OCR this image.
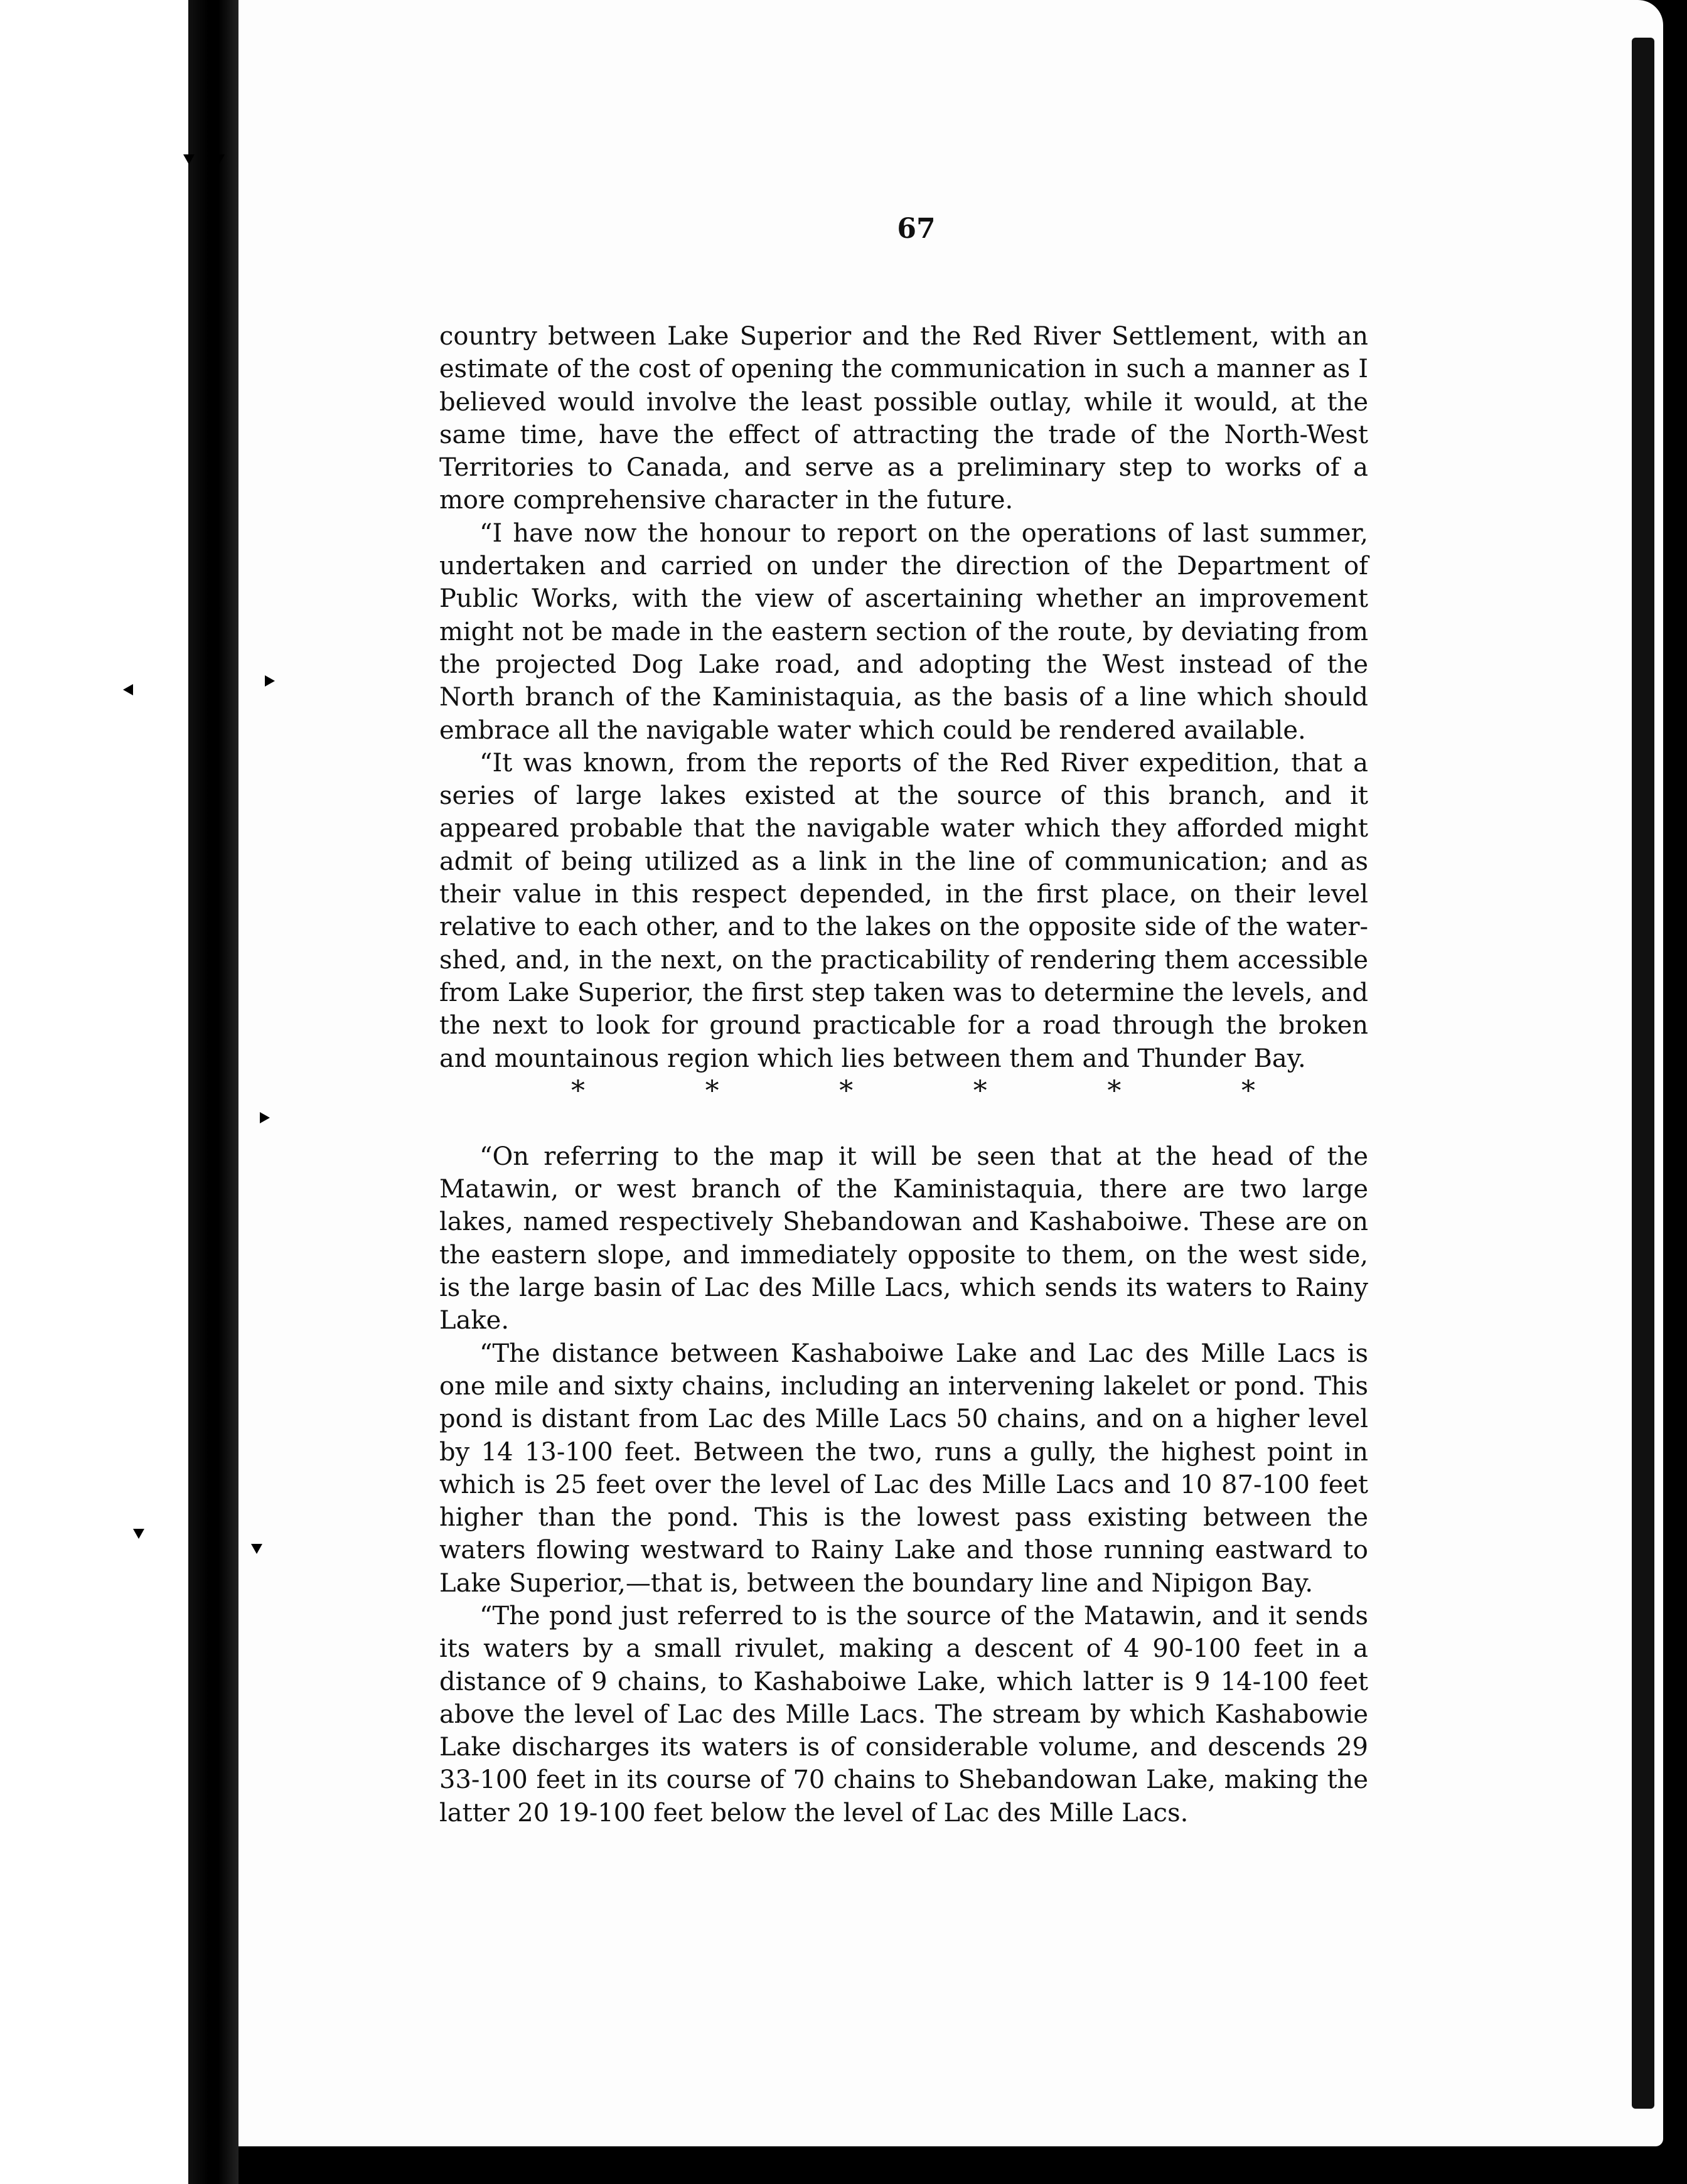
67

country between Lake Superior and the Red River Settlement, with an estimate of the cost of opening the communication in such a manner as I believed would involve the least possible outlay, while it would, at the same time, have the effect of attracting the trade of the North-West Territories to Canada, and serve as a preliminary step to works of a more comprehensive character in the future.

“I have now the honour to report on the operations of last summer, undertaken and carried on under the direction of the Department of Public Works, with the view of ascertaining whether an improvement might not be made in the eastern section of the route, by deviating from the projected Dog Lake road, and adopting the West instead of the North branch of the Kaministaquia, as the basis of a line which should embrace all the navigable water which could be rendered available.

“It was known, from the reports of the Red River expedition, that a series of large lakes existed at the source of this branch, and it appeared probable that the navigable water which they afforded might admit of being utilized as a link in the line of communication; and as their value in this respect depended, in the first place, on their level relative to each other, and to the lakes on the opposite side of the water-shed, and, in the next, on the practicability of rendering them accessible from Lake Superior, the first step taken was to determine the levels, and the next to look for ground practicable for a road through the broken and mountainous region which lies between them and Thunder Bay.

*	*	*	*	*	*

“On referring to the map it will be seen that at the head of the Matawin, or west branch of the Kaministaquia, there are two large lakes, named respectively Shebandowan and Kashaboiwe. These are on the eastern slope, and immediately opposite to them, on the west side, is the large basin of Lac des Mille Lacs, which sends its waters to Rainy Lake.

“The distance between Kashaboiwe Lake and Lac des Mille Lacs is one mile and sixty chains, including an intervening lakelet or pond. This pond is distant from Lac des Mille Lacs 50 chains, and on a higher level by 14 13-100 feet. Between the two, runs a gully, the highest point in which is 25 feet over the level of Lac des Mille Lacs and 10 87-100 feet higher than the pond. This is the lowest pass existing between the waters flowing westward to Rainy Lake and those running eastward to Lake Superior,—that is, between the boundary line and Nipigon Bay.

“The pond just referred to is the source of the Matawin, and it sends its waters by a small rivulet, making a descent of 4 90-100 feet in a distance of 9 chains, to Kashaboiwe Lake, which latter is 9 14-100 feet above the level of Lac des Mille Lacs. The stream by which Kashabowie Lake discharges its waters is of considerable volume, and descends 29 33-100 feet in its course of 70 chains to Shebandowan Lake, making the latter 20 19-100 feet below the level of Lac des Mille Lacs.
